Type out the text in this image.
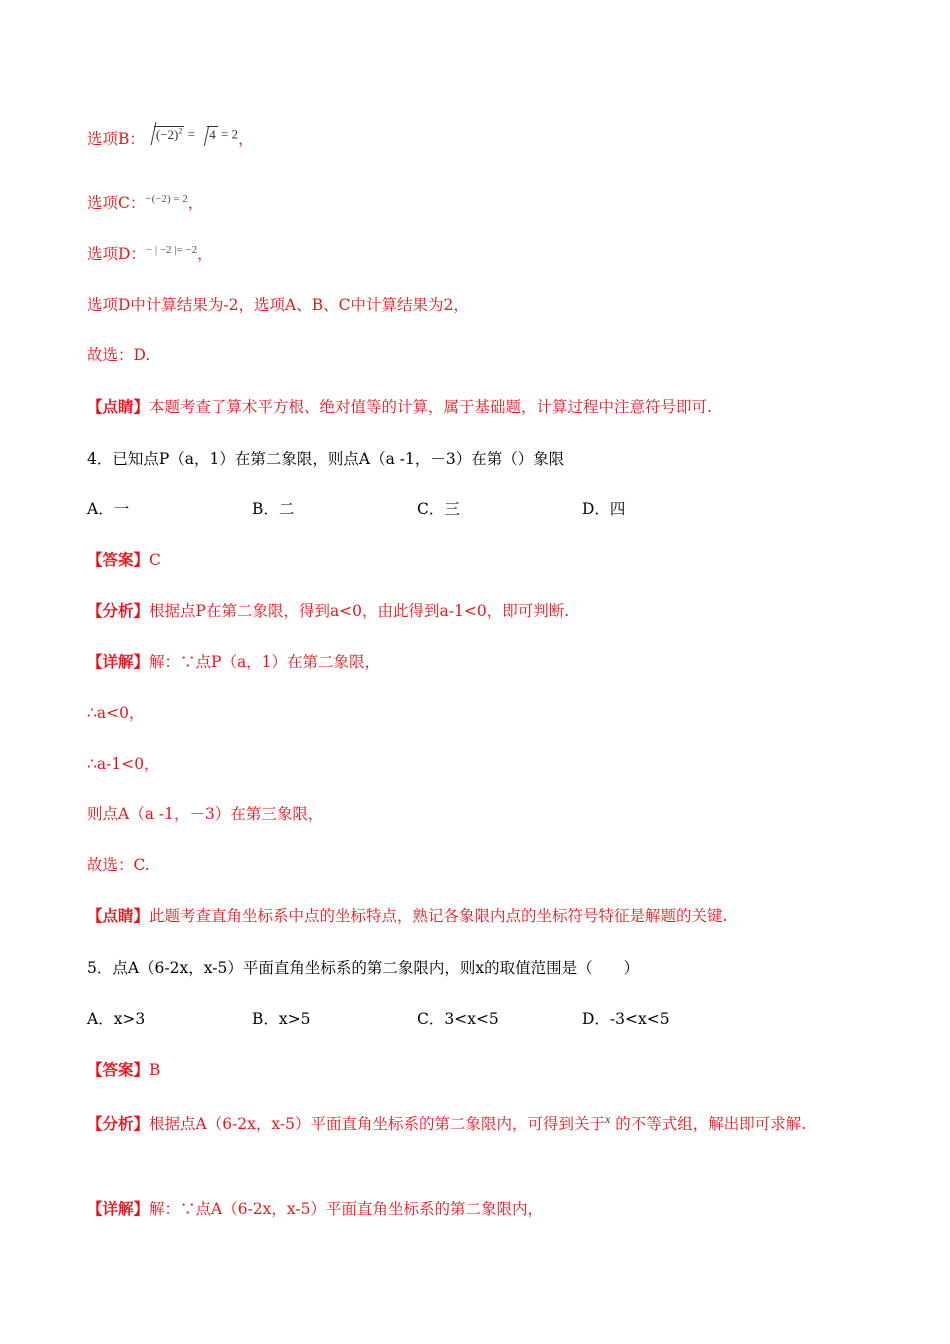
选项B： $(-2)^2 = 4 = 2$，
选项C：−(−2) = 2，
选项D：− | −2 |= −2，
选项D中计算结果为-2，选项A、B、C中计算结果为2，
故选：D.
【点睛】本题考查了算术平方根、绝对值等的计算，属于基础题，计算过程中注意符号即可.
4．已知点P（a，1）在第二象限，则点A（a -1，－3）在第（）象限
A．一	B．二	C．三	D．四
【答案】C
【分析】根据点P在第二象限，得到a<0，由此得到a-1<0，即可判断.
【详解】解：∵点P（a，1）在第二象限，
∴a<0，
∴a-1<0，
则点A（a -1，－3）在第三象限，
故选：C.
【点睛】此题考查直角坐标系中点的坐标特点，熟记各象限内点的坐标符号特征是解题的关键.
5．点A（6-2x，x-5）平面直角坐标系的第二象限内，则x的取值范围是（　　）
A．x>3	B．x>5	C．3<x<5	D．-3<x<5
【答案】B
【分析】根据点A（6-2x，x-5）平面直角坐标系的第二象限内，可得到关于$^x$ 的不等式组，解出即可求解.
【详解】解：∵点A（6-2x，x-5）平面直角坐标系的第二象限内，
